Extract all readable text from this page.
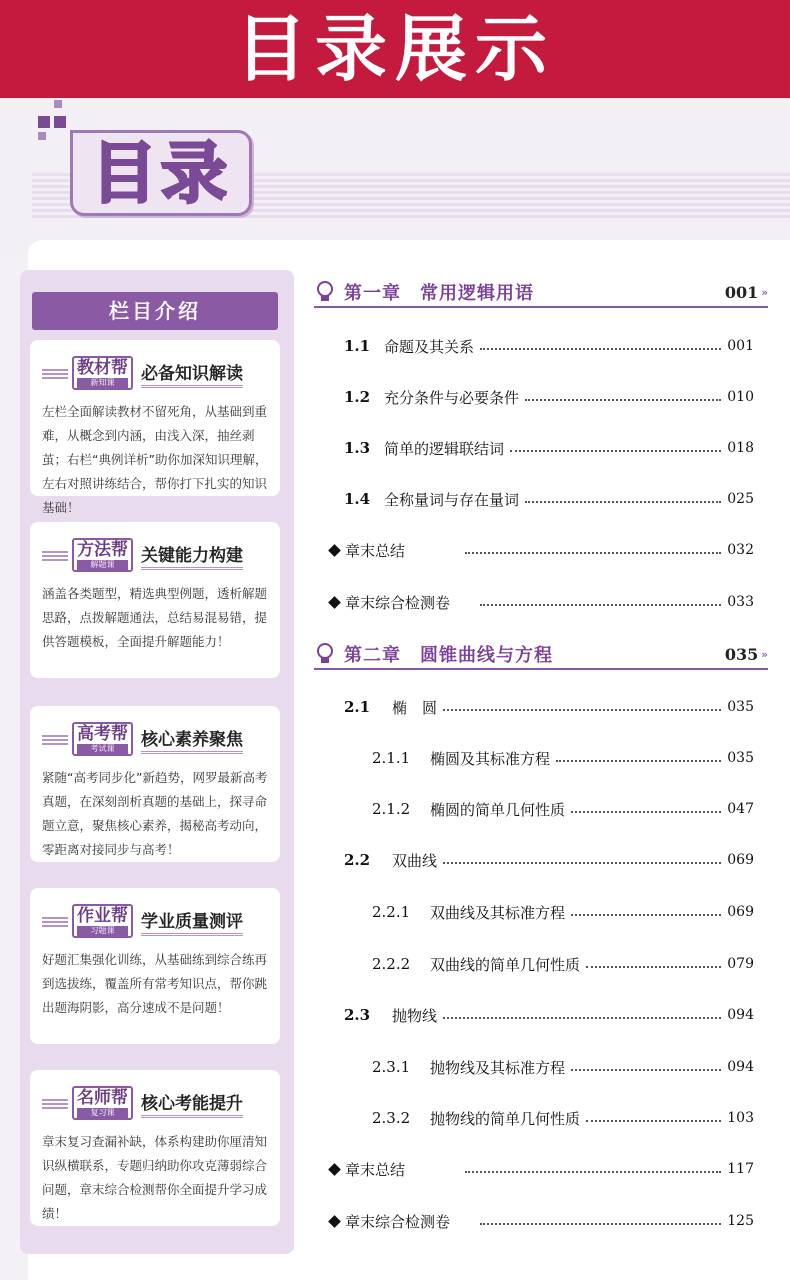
目录展示
目录
栏目介绍
教材帮
新知课	必备知识解读

左栏全面解读教材不留死角，从基础到重难，从概念到内涵，由浅入深，抽丝剥茧；右栏“典例详析”助你加深知识理解，左右对照讲练结合，帮你打下扎实的知识基础！

方法帮
解题课	关键能力构建

涵盖各类题型，精选典型例题，透析解题思路，点拨解题通法，总结易混易错，提供答题模板，全面提升解题能力！

高考帮
考试课	核心素养聚焦

紧随“高考同步化”新趋势，网罗最新高考真题，在深刻剖析真题的基础上，探寻命题立意，聚焦核心素养，揭秘高考动向，零距离对接同步与高考！

作业帮
习题课	学业质量测评

好题汇集强化训练，从基础练到综合练再到选拔练，覆盖所有常考知识点，帮你跳出题海阴影，高分速成不是问题！

名师帮
复习课	核心考能提升

章末复习查漏补缺，体系构建助你厘清知识纵横联系，专题归纳助你攻克薄弱综合问题，章末综合检测帮你全面提升学习成绩！

第一章　常用逻辑用语	001 »
1.1 命题及其关系	001
1.2 充分条件与必要条件	010
1.3 简单的逻辑联结词	018
1.4 全称量词与存在量词	025
章末总结	032
章末综合检测卷	033
第二章　圆锥曲线与方程	035 »
2.1	椭　圆	035
2.1.1	椭圆及其标准方程	035
2.1.2	椭圆的简单几何性质	047
2.2	双曲线	069
2.2.1	双曲线及其标准方程	069
2.2.2	双曲线的简单几何性质	079
2.3	抛物线	094
2.3.1	抛物线及其标准方程	094
2.3.2	抛物线的简单几何性质	103
章末总结	117
章末综合检测卷	125
